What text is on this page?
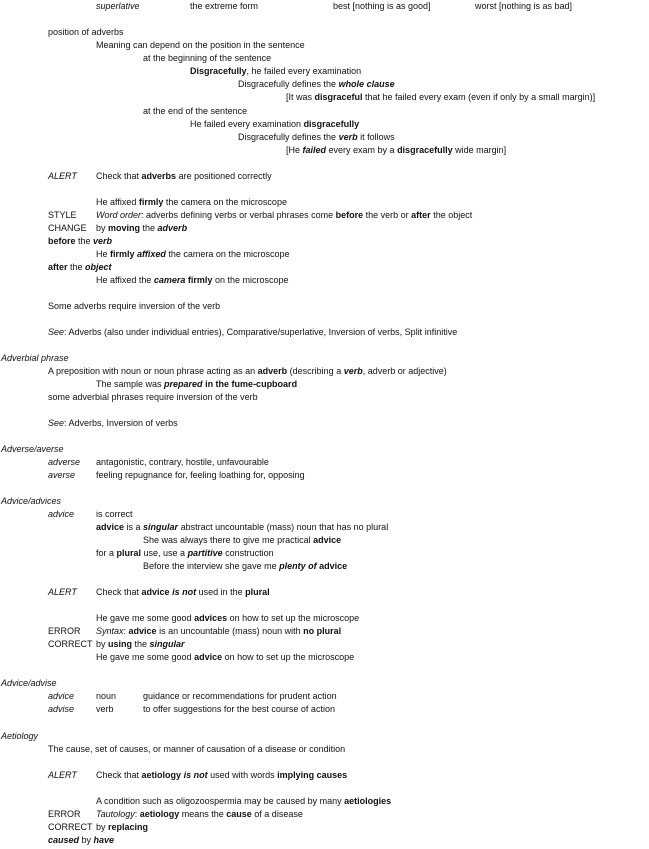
superlative	the extreme form	best [nothing is as good]	worst [nothing is as bad]
position of adverbs
Meaning can depend on the position in the sentence
at the beginning of the sentence
Disgracefully, he failed every examination
Disgracefully defines the whole clause
[It was disgraceful that he failed every exam (even if only by a small margin)]
at the end of the sentence
He failed every examination disgracefully
Disgracefully defines the verb it follows
[He failed every exam by a disgracefully wide margin]
ALERT Check that adverbs are positioned correctly
He affixed firmly the camera on the microscope
STYLE Word order: adverbs defining verbs or verbal phrases come before the verb or after the object
CHANGE by moving the adverb
before the verb
He firmly affixed the camera on the microscope
after the object
He affixed the camera firmly on the microscope
Some adverbs require inversion of the verb
See: Adverbs (also under individual entries), Comparative/superlative, Inversion of verbs, Split infinitive
Adverbial phrase
A preposition with noun or noun phrase acting as an adverb (describing a verb, adverb or adjective)
The sample was prepared in the fume-cupboard
some adverbial phrases require inversion of the verb
See: Adverbs, Inversion of verbs
Adverse/averse
adverse antagonistic, contrary, hostile, unfavourable
averse feeling repugnance for, feeling loathing for, opposing
Advice/advices
advice is correct
advice is a singular abstract uncountable (mass) noun that has no plural
She was always there to give me practical advice
for a plural use, use a partitive construction
Before the interview she gave me plenty of advice
ALERT Check that advice is not used in the plural
He gave me some good advices on how to set up the microscope
ERROR Syntax: advice is an uncountable (mass) noun with no plural
CORRECT by using the singular
He gave me some good advice on how to set up the microscope
Advice/advise
advice noun	guidance or recommendations for prudent action
advise verb	to offer suggestions for the best course of action
Aetiology
The cause, set of causes, or manner of causation of a disease or condition
ALERT Check that aetiology is not used with words implying causes
A condition such as oligozoospermia may be caused by many aetiologies
ERROR Tautology: aetiology means the cause of a disease
CORRECT by replacing
caused by have
